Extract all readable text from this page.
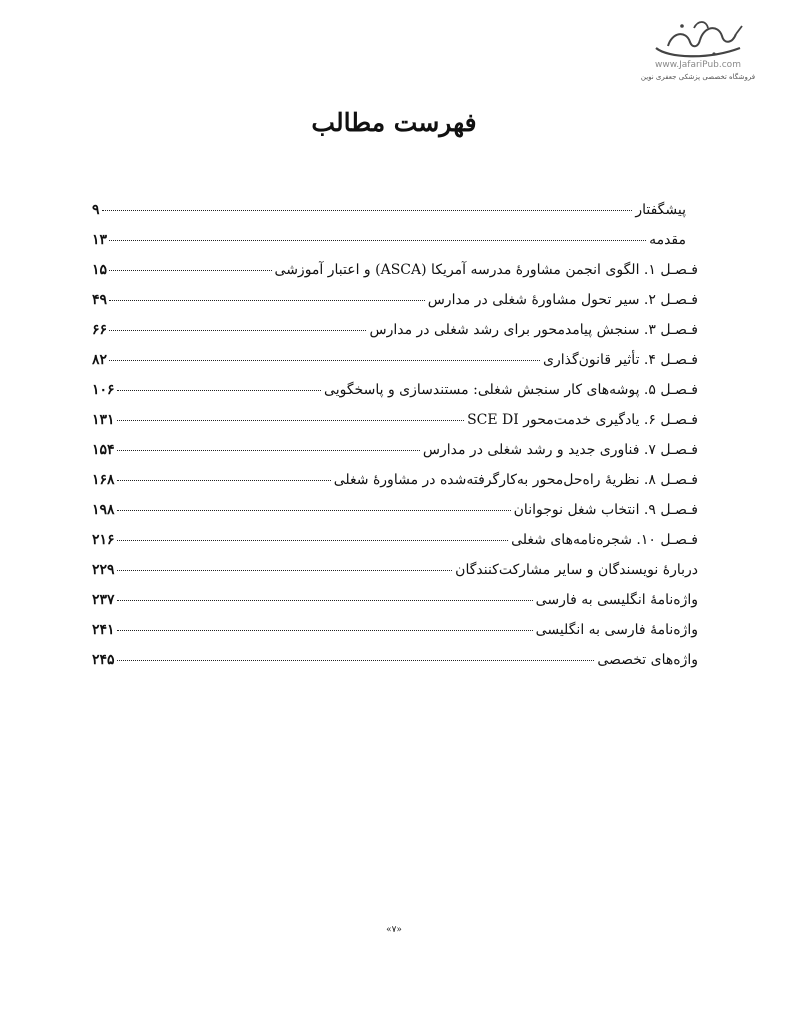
www.JafariPub.com
فروشگاه تخصصی پزشکی جعفری نوین
فهرست مطالب
پیشگفتار
۹
مقدمه
۱۳
فـصـل ۱. الگوی انجمن مشاورهٔ مدرسه آمریکا (ASCA) و اعتبار آموزشی
۱۵
فـصـل ۲. سیر تحول مشاورهٔ شغلی در مدارس
۴۹
فـصـل ۳. سنجش پیامدمحور برای رشد شغلی در مدارس
۶۶
فـصـل ۴. تأثیر قانون‌گذاری
۸۲
فـصـل ۵. پوشه‌های کار سنجش شغلی: مستندسازی و پاسخگویی
۱۰۶
فـصـل ۶. یادگیری خدمت‌محور SCE DI
۱۳۱
فـصـل ۷. فناوری جدید و رشد شغلی در مدارس
۱۵۴
فـصـل ۸. نظریهٔ راه‌حل‌محور به‌کارگرفته‌شده در مشاورهٔ شغلی
۱۶۸
فـصـل ۹. انتخاب شغل نوجوانان
۱۹۸
فـصـل ۱۰. شجره‌نامه‌های شغلی
۲۱۶
دربارهٔ نویسندگان و سایر مشارکت‌کنندگان
۲۲۹
واژه‌نامهٔ انگلیسی به فارسی
۲۳۷
واژه‌نامهٔ فارسی به انگلیسی
۲۴۱
واژه‌های تخصصی
۲۴۵
«۷»
